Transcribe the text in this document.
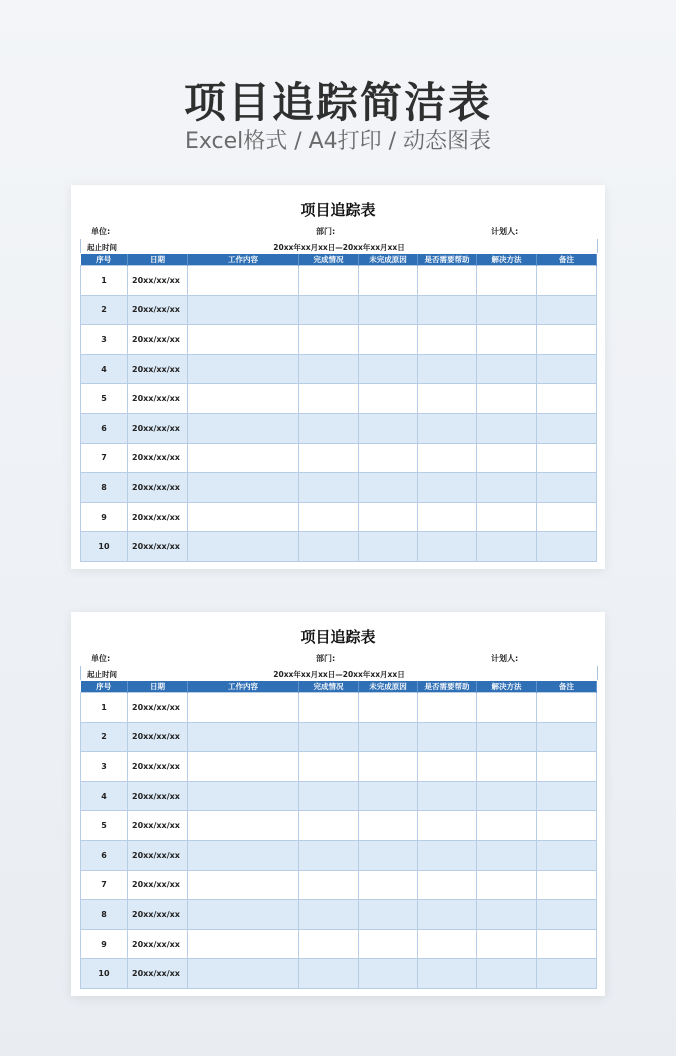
项目追踪简洁表
Excel格式 / A4打印 / 动态图表
项目追踪表
单位:	部门:	计划人:
起止时间	20xx年xx月xx日—20xx年xx月xx日
序号	日期	工作内容	完成情况	未完成原因	是否需要帮助	解决方法	备注
1	20xx/xx/xx						
2	20xx/xx/xx						
3	20xx/xx/xx						
4	20xx/xx/xx						
5	20xx/xx/xx						
6	20xx/xx/xx						
7	20xx/xx/xx						
8	20xx/xx/xx						
9	20xx/xx/xx						
10	20xx/xx/xx						
项目追踪表
单位:	部门:	计划人:
起止时间	20xx年xx月xx日—20xx年xx月xx日
序号	日期	工作内容	完成情况	未完成原因	是否需要帮助	解决方法	备注
1	20xx/xx/xx						
2	20xx/xx/xx						
3	20xx/xx/xx						
4	20xx/xx/xx						
5	20xx/xx/xx						
6	20xx/xx/xx						
7	20xx/xx/xx						
8	20xx/xx/xx						
9	20xx/xx/xx						
10	20xx/xx/xx						
